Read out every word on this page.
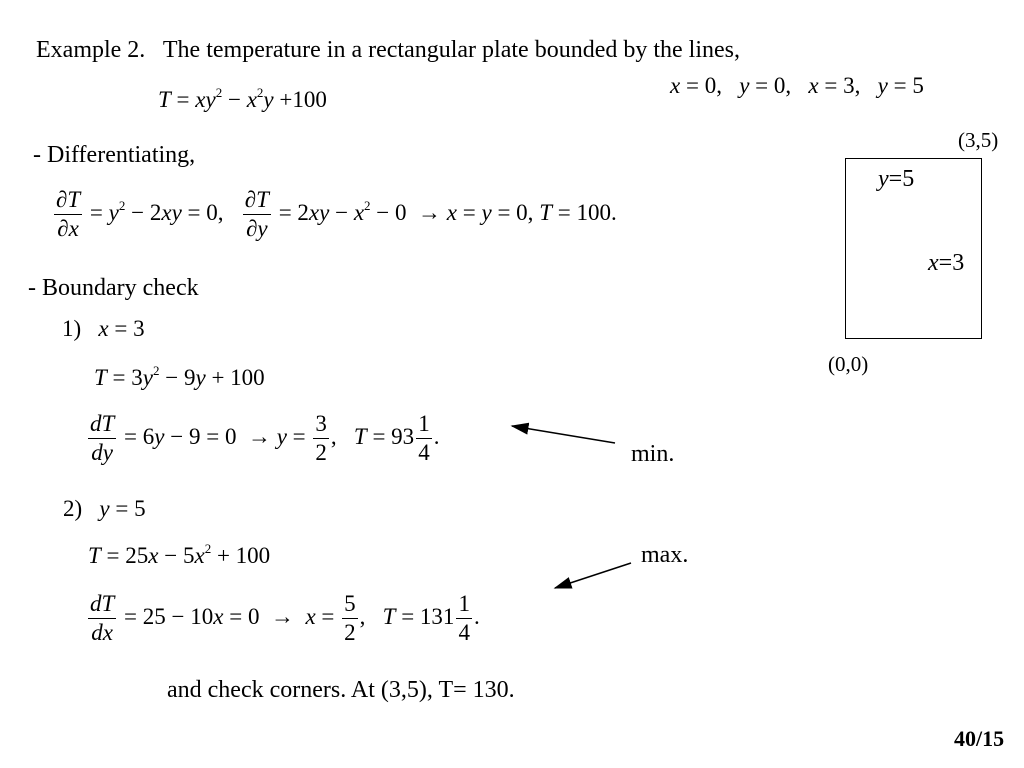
Example 2. The temperature in a rectangular plate bounded by the lines,
x = 0, y = 0, x = 3, y = 5
$T = xy^2 - x^2y +100$
- Differentiating,
$\frac{\partial T}{\partial x} = y^2 - 2xy = 0$, $\frac{\partial T}{\partial y} = 2xy - x^2 - 0 \to x = y = 0$, T = 100.
- Boundary check
1) x = 3
$T = 3y^2 - 9y + 100$
$\frac{dT}{dy} = 6y - 9 = 0 \to y = \frac{3}{2}$ , $T = 93 \frac{1}{4}$ .
min.
2) y = 5
$T = 25x - 5x^2 + 100$	max.
$\frac{dT}{dx} = 25 - 10x = 0 \to x = \frac{5}{2}$ , $T = 131 \frac{1}{4}$ .
and check corners. At (3,5), T= 130.
(3,5)
(0,0)
y=5
x=3
40/15
